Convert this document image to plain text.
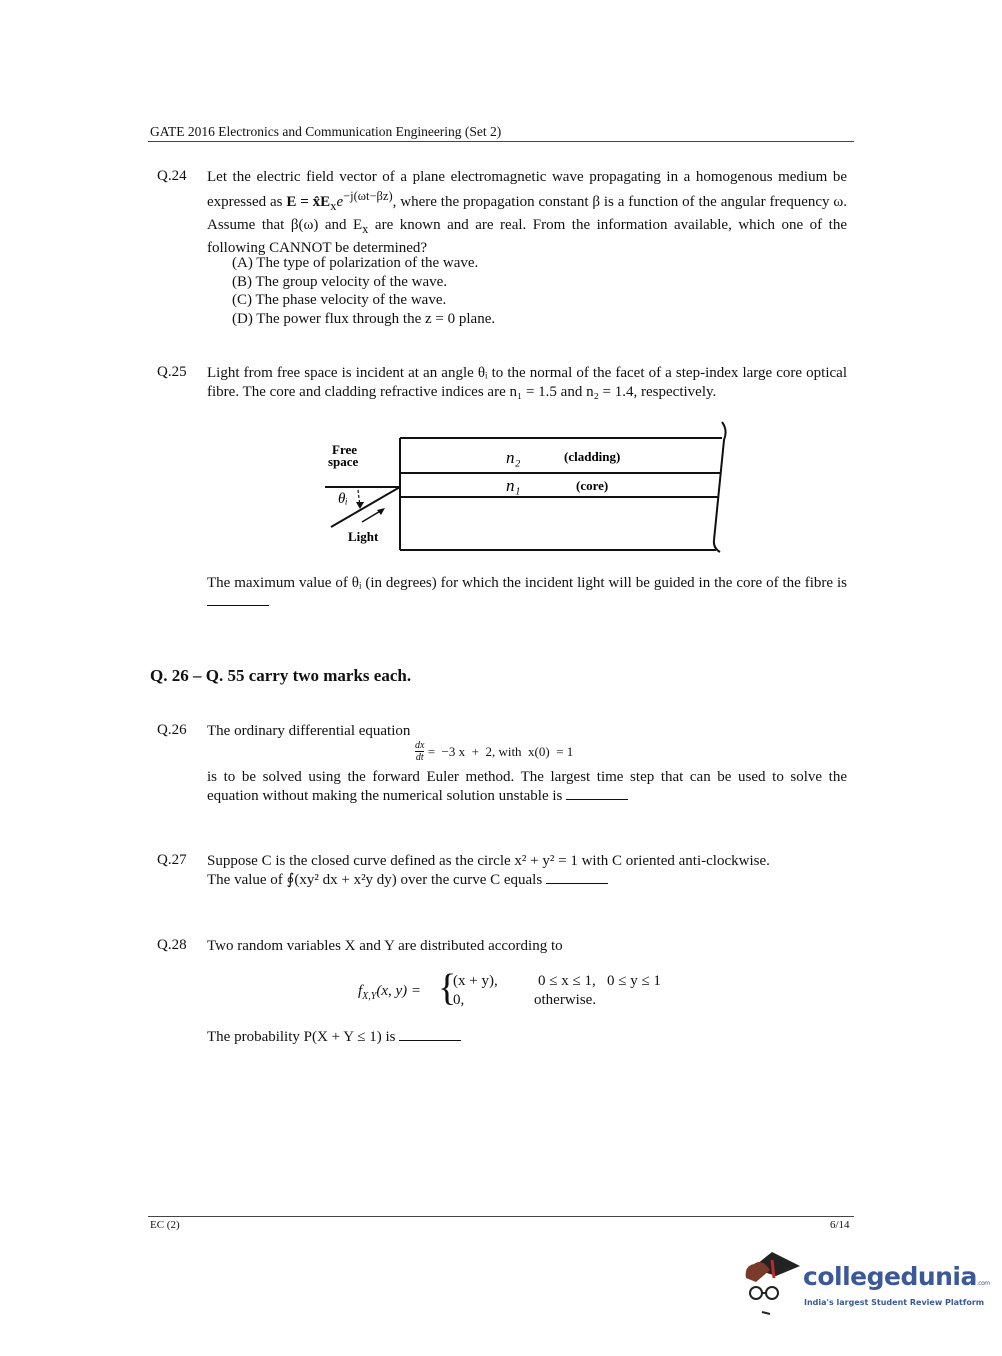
GATE 2016 Electronics and Communication Engineering (Set 2)
Q.24 Let the electric field vector of a plane electromagnetic wave propagating in a homogenous medium be expressed as $E = x̂E_xe^{-j(\omega t-\beta z)}$, where the propagation constant β is a function of the angular frequency ω. Assume that β(ω) and $E_x$ are known and are real. From the information available, which one of the following CANNOT be determined?
(A) The type of polarization of the wave.
(B) The group velocity of the wave.
(C) The phase velocity of the wave.
(D) The power flux through the z = 0 plane.
Q.25 Light from free space is incident at an angle θᵢ to the normal of the facet of a step-index large core optical fibre. The core and cladding refractive indices are n₁ = 1.5 and n₂ = 1.4, respectively.
Free
space	n₂	(cladding)
n₁	(core)
θᵢ
Light
The maximum value of θᵢ (in degrees) for which the incident light will be guided in the core of the fibre is
Q. 26 – Q. 55 carry two marks each.
Q.26 The ordinary differential equation
$\frac{dx}{dt} = -3$ x  +  2, with  x(0)  = 1
is to be solved using the forward Euler method. The largest time step that can be used to solve the equation without making the numerical solution unstable is
Q.27 Suppose C is the closed curve defined as the circle x² + y² = 1 with C oriented anti-clockwise.
The value of ∮(xy² dx + x²y dy) over the curve C equals
Q.28 Two random variables X and Y are distributed according to
$f_{X,Y}(x$, y) = {
(x + y),	0 ≤ x ≤ 1,   0 ≤ y ≤ 1
0,	otherwise.
The probability P(X + Y ≤ 1) is
EC (2)	6/14
collegedunia.com
India's largest Student Review Platform
